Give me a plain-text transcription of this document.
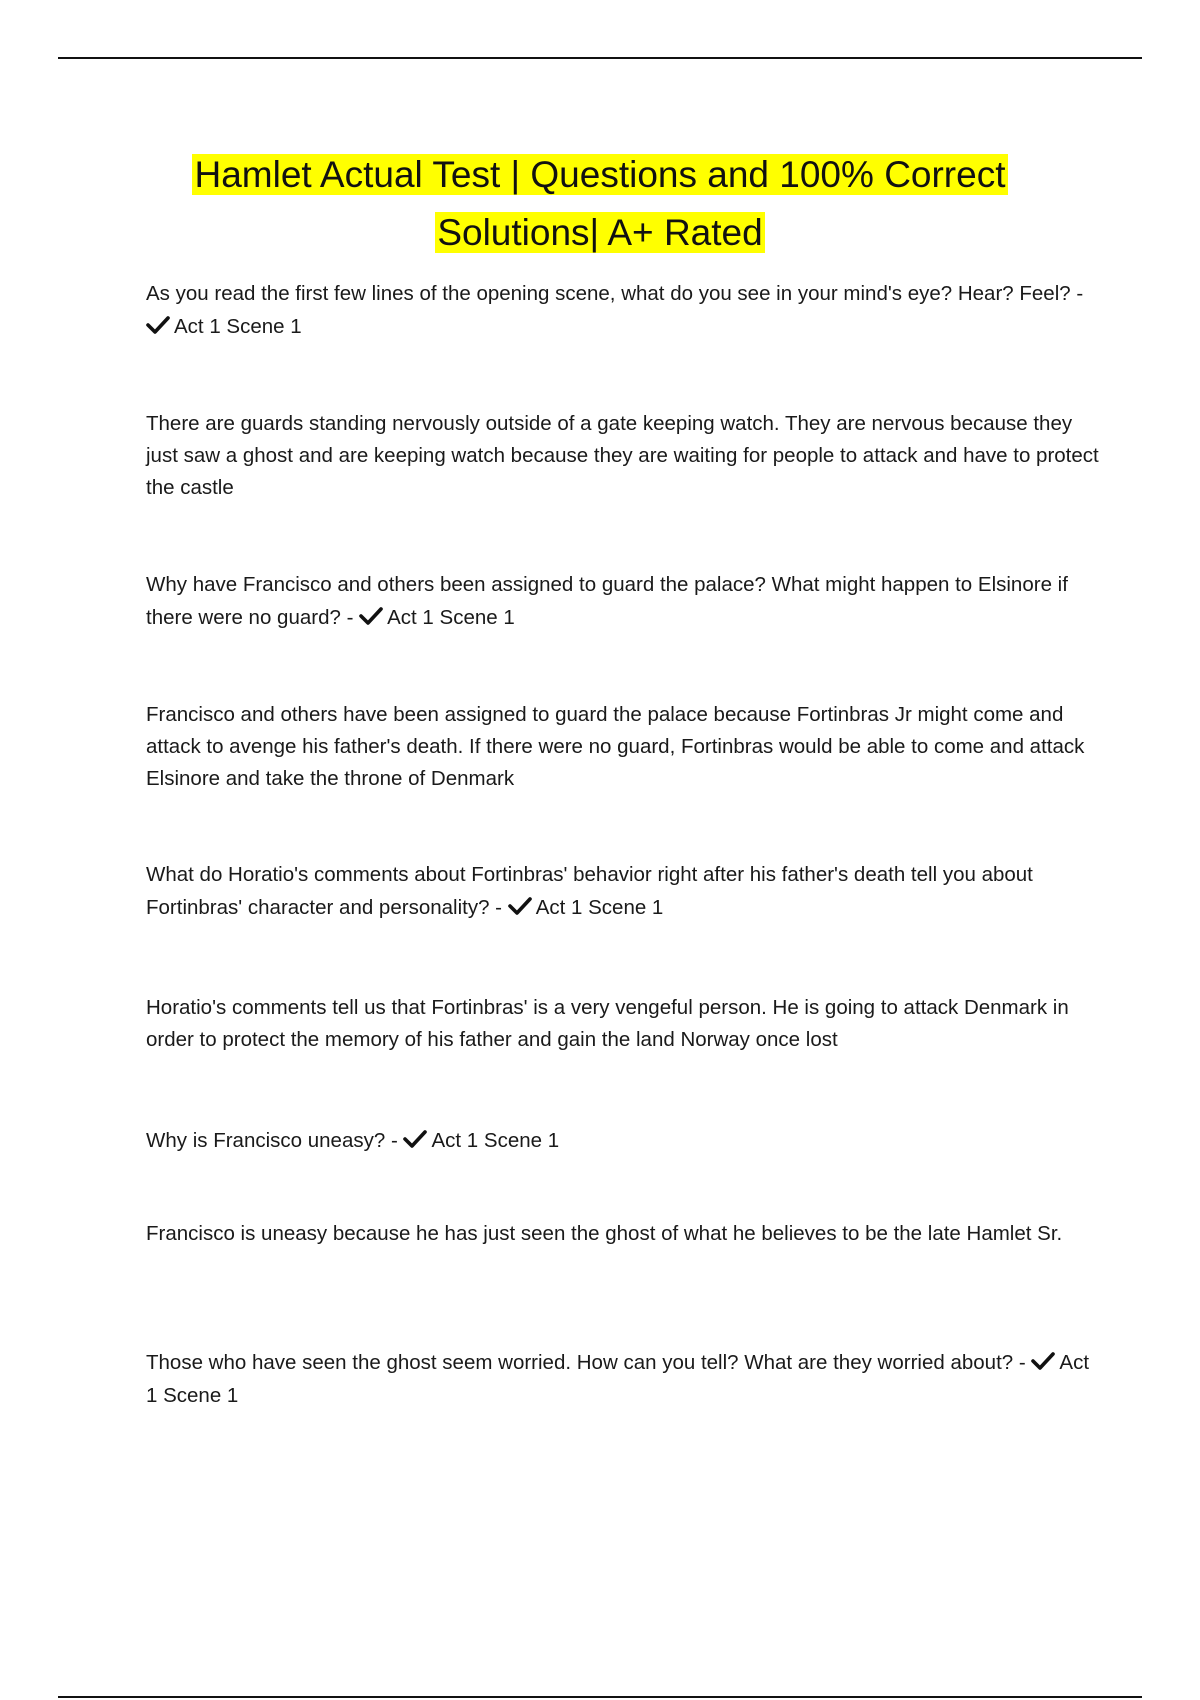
Hamlet Actual Test | Questions and 100% Correct
Solutions| A+ Rated
As you read the first few lines of the opening scene, what do you see in your mind's eye? Hear? Feel? - Act 1 Scene 1
There are guards standing nervously outside of a gate keeping watch. They are nervous because they just saw a ghost and are keeping watch because they are waiting for people to attack and have to protect the castle
Why have Francisco and others been assigned to guard the palace? What might happen to Elsinore if there were no guard? - Act 1 Scene 1
Francisco and others have been assigned to guard the palace because Fortinbras Jr might come and attack to avenge his father's death. If there were no guard, Fortinbras would be able to come and attack Elsinore and take the throne of Denmark
What do Horatio's comments about Fortinbras' behavior right after his father's death tell you about Fortinbras' character and personality? - Act 1 Scene 1
Horatio's comments tell us that Fortinbras' is a very vengeful person. He is going to attack Denmark in order to protect the memory of his father and gain the land Norway once lost
Why is Francisco uneasy? - Act 1 Scene 1
Francisco is uneasy because he has just seen the ghost of what he believes to be the late Hamlet Sr.
Those who have seen the ghost seem worried. How can you tell? What are they worried about? - Act 1 Scene 1
